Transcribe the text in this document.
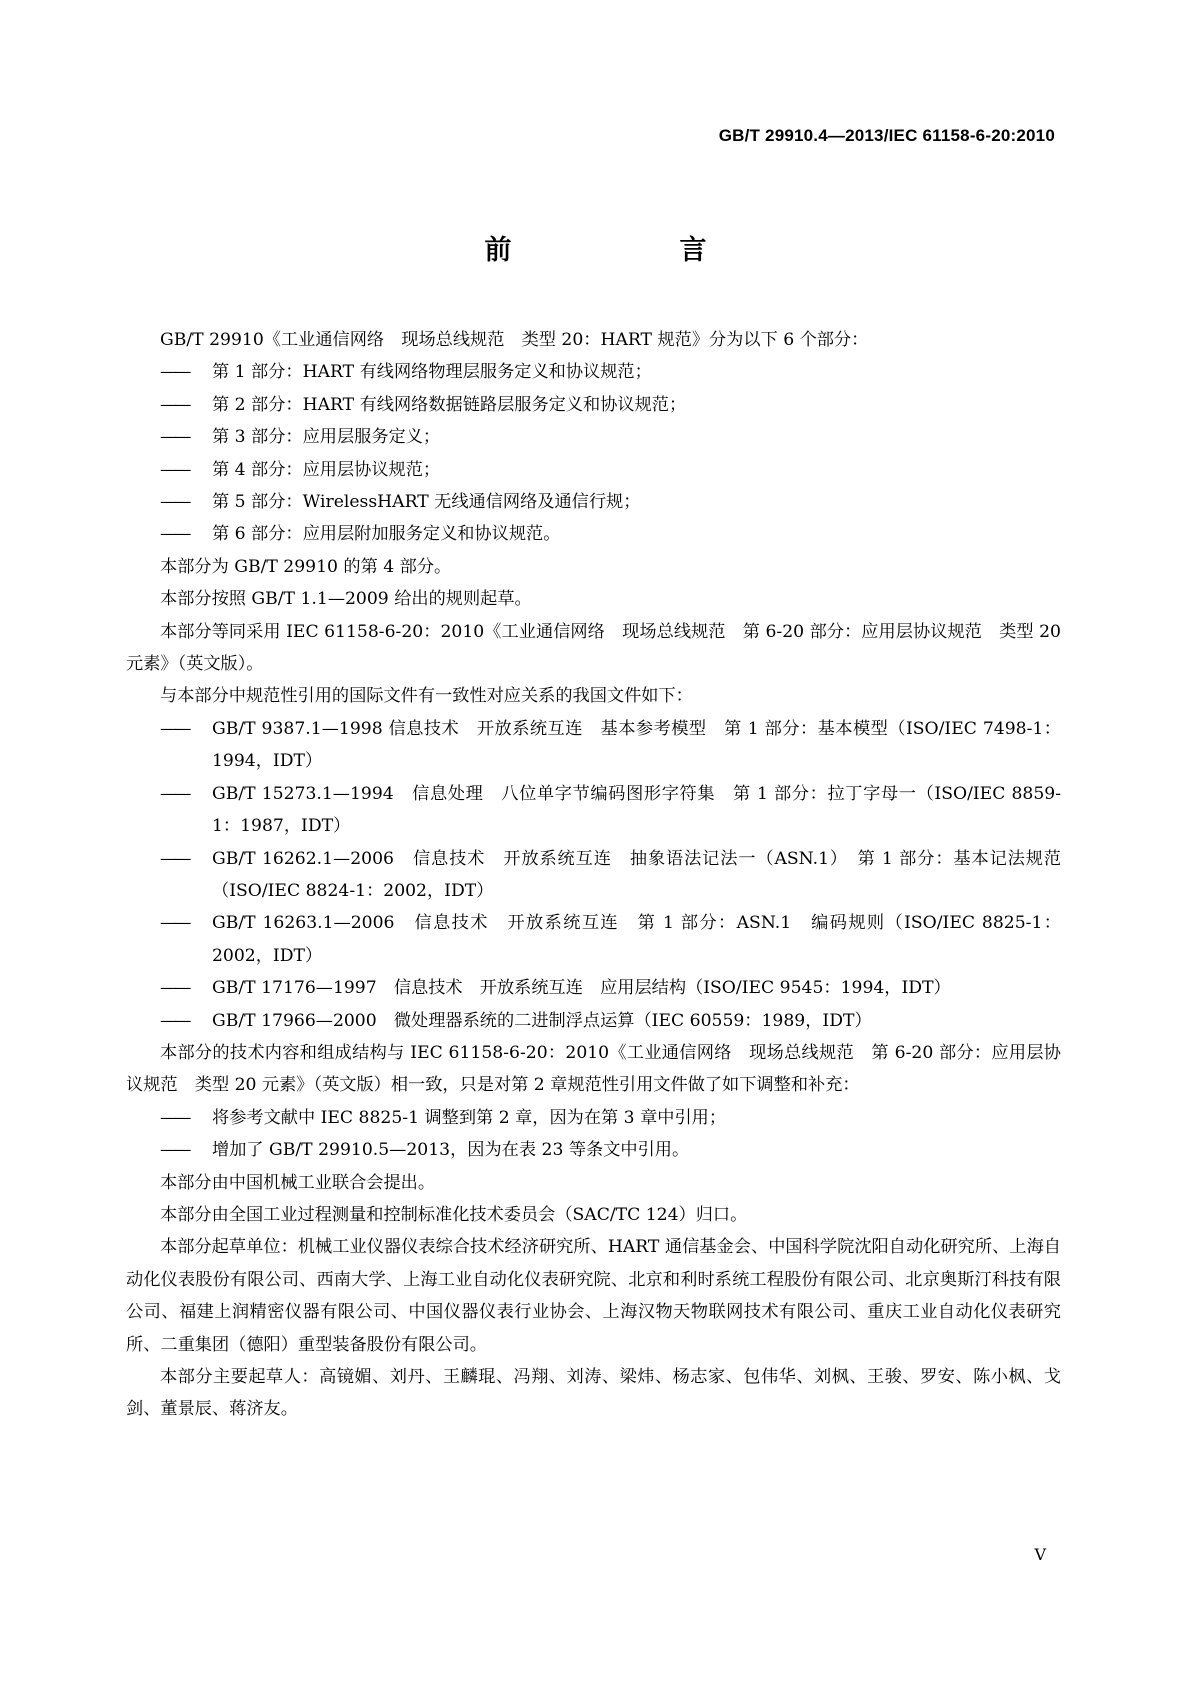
GB/T 29910.4—2013/IEC 61158-6-20:2010
前　　言

GB/T 29910《工业通信网络　现场总线规范　类型 20：HART 规范》分为以下 6 个部分：

—— 第 1 部分：HART 有线网络物理层服务定义和协议规范；

—— 第 2 部分：HART 有线网络数据链路层服务定义和协议规范；

—— 第 3 部分：应用层服务定义；

—— 第 4 部分：应用层协议规范；

—— 第 5 部分：WirelessHART 无线通信网络及通信行规；

—— 第 6 部分：应用层附加服务定义和协议规范。

本部分为 GB/T 29910 的第 4 部分。

本部分按照 GB/T 1.1—2009 给出的规则起草。

本部分等同采用 IEC 61158-6-20：2010《工业通信网络　现场总线规范　第 6-20 部分：应用层协议规范　类型 20 元素》（英文版）。

与本部分中规范性引用的国际文件有一致性对应关系的我国文件如下：

—— GB/T 9387.1—1998 信息技术　开放系统互连　基本参考模型　第 1 部分：基本模型（ISO/IEC 7498-1：1994，IDT）

—— GB/T 15273.1—1994　信息处理　八位单字节编码图形字符集　第 1 部分：拉丁字母一（ISO/IEC 8859-1：1987，IDT）

—— GB/T 16262.1—2006　信息技术　开放系统互连　抽象语法记法一（ASN.1）　第 1 部分：基本记法规范（ISO/IEC 8824-1：2002，IDT）

—— GB/T 16263.1—2006　信息技术　开放系统互连　第 1 部分：ASN.1　编码规则（ISO/IEC 8825-1：2002，IDT）

—— GB/T 17176—1997　信息技术　开放系统互连　应用层结构（ISO/IEC 9545：1994，IDT）

—— GB/T 17966—2000　微处理器系统的二进制浮点运算（IEC 60559：1989，IDT）

本部分的技术内容和组成结构与 IEC 61158-6-20：2010《工业通信网络　现场总线规范　第 6-20 部分：应用层协议规范　类型 20 元素》（英文版）相一致，只是对第 2 章规范性引用文件做了如下调整和补充：

—— 将参考文献中 IEC 8825-1 调整到第 2 章，因为在第 3 章中引用；

—— 增加了 GB/T 29910.5—2013，因为在表 23 等条文中引用。

本部分由中国机械工业联合会提出。

本部分由全国工业过程测量和控制标准化技术委员会（SAC/TC 124）归口。

本部分起草单位：机械工业仪器仪表综合技术经济研究所、HART 通信基金会、中国科学院沈阳自动化研究所、上海自动化仪表股份有限公司、西南大学、上海工业自动化仪表研究院、北京和利时系统工程股份有限公司、北京奥斯汀科技有限公司、福建上润精密仪器有限公司、中国仪器仪表行业协会、上海汉物天物联网技术有限公司、重庆工业自动化仪表研究所、二重集团（德阳）重型装备股份有限公司。

本部分主要起草人：高镜媚、刘丹、王麟琨、冯翔、刘涛、梁炜、杨志家、包伟华、刘枫、王骏、罗安、陈小枫、戈剑、董景辰、蒋济友。

V
